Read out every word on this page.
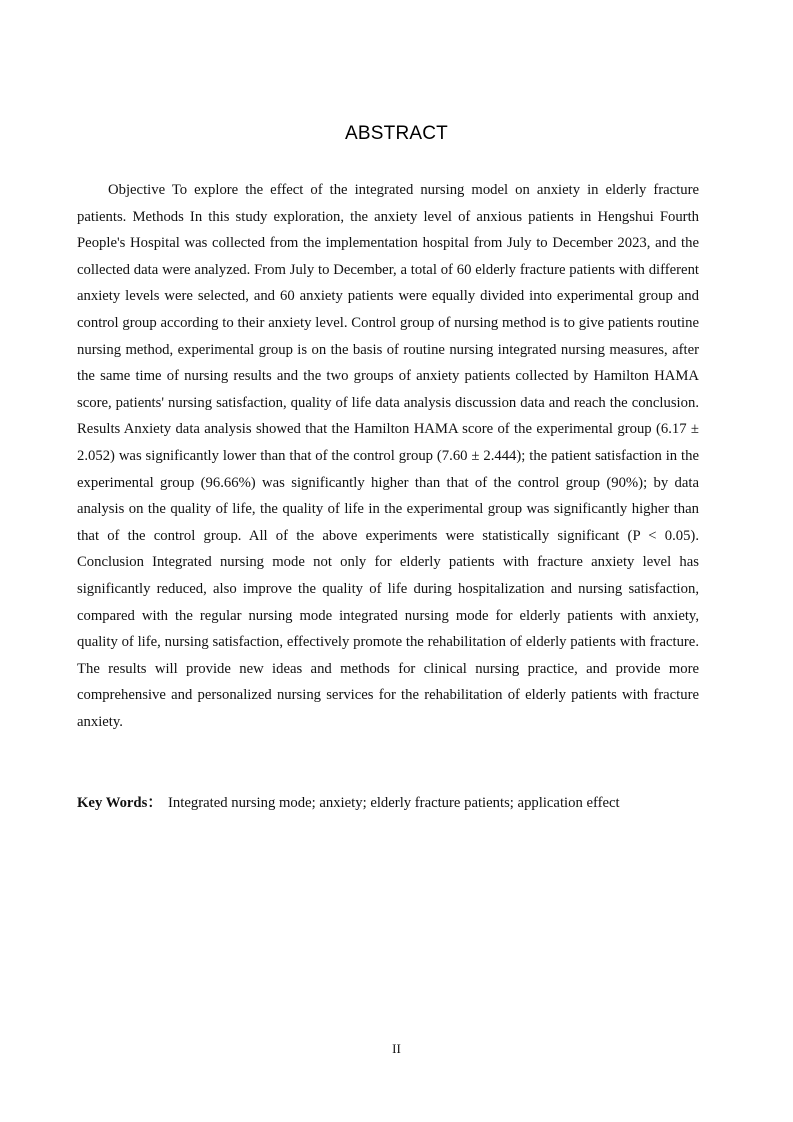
ABSTRACT

Objective To explore the effect of the integrated nursing model on anxiety in elderly fracture patients. Methods In this study exploration, the anxiety level of anxious patients in Hengshui Fourth People's Hospital was collected from the implementation hospital from July to December 2023, and the collected data were analyzed. From July to December, a total of 60 elderly fracture patients with different anxiety levels were selected, and 60 anxiety patients were equally divided into experimental group and control group according to their anxiety level. Control group of nursing method is to give patients routine nursing method, experimental group is on the basis of routine nursing integrated nursing measures, after the same time of nursing results and the two groups of anxiety patients collected by Hamilton HAMA score, patients' nursing satisfaction, quality of life data analysis discussion data and reach the conclusion. Results Anxiety data analysis showed that the Hamilton HAMA score of the experimental group (6.17 ± 2.052) was significantly lower than that of the control group (7.60 ± 2.444); the patient satisfaction in the experimental group (96.66%) was significantly higher than that of the control group (90%); by data analysis on the quality of life, the quality of life in the experimental group was significantly higher than that of the control group. All of the above experiments were statistically significant (P < 0.05). Conclusion Integrated nursing mode not only for elderly patients with fracture anxiety level has significantly reduced, also improve the quality of life during hospitalization and nursing satisfaction, compared with the regular nursing mode integrated nursing mode for elderly patients with anxiety, quality of life, nursing satisfaction, effectively promote the rehabilitation of elderly patients with fracture. The results will provide new ideas and methods for clinical nursing practice, and provide more comprehensive and personalized nursing services for the rehabilitation of elderly patients with fracture anxiety.

Key Words： Integrated nursing mode; anxiety; elderly fracture patients; application effect
II
